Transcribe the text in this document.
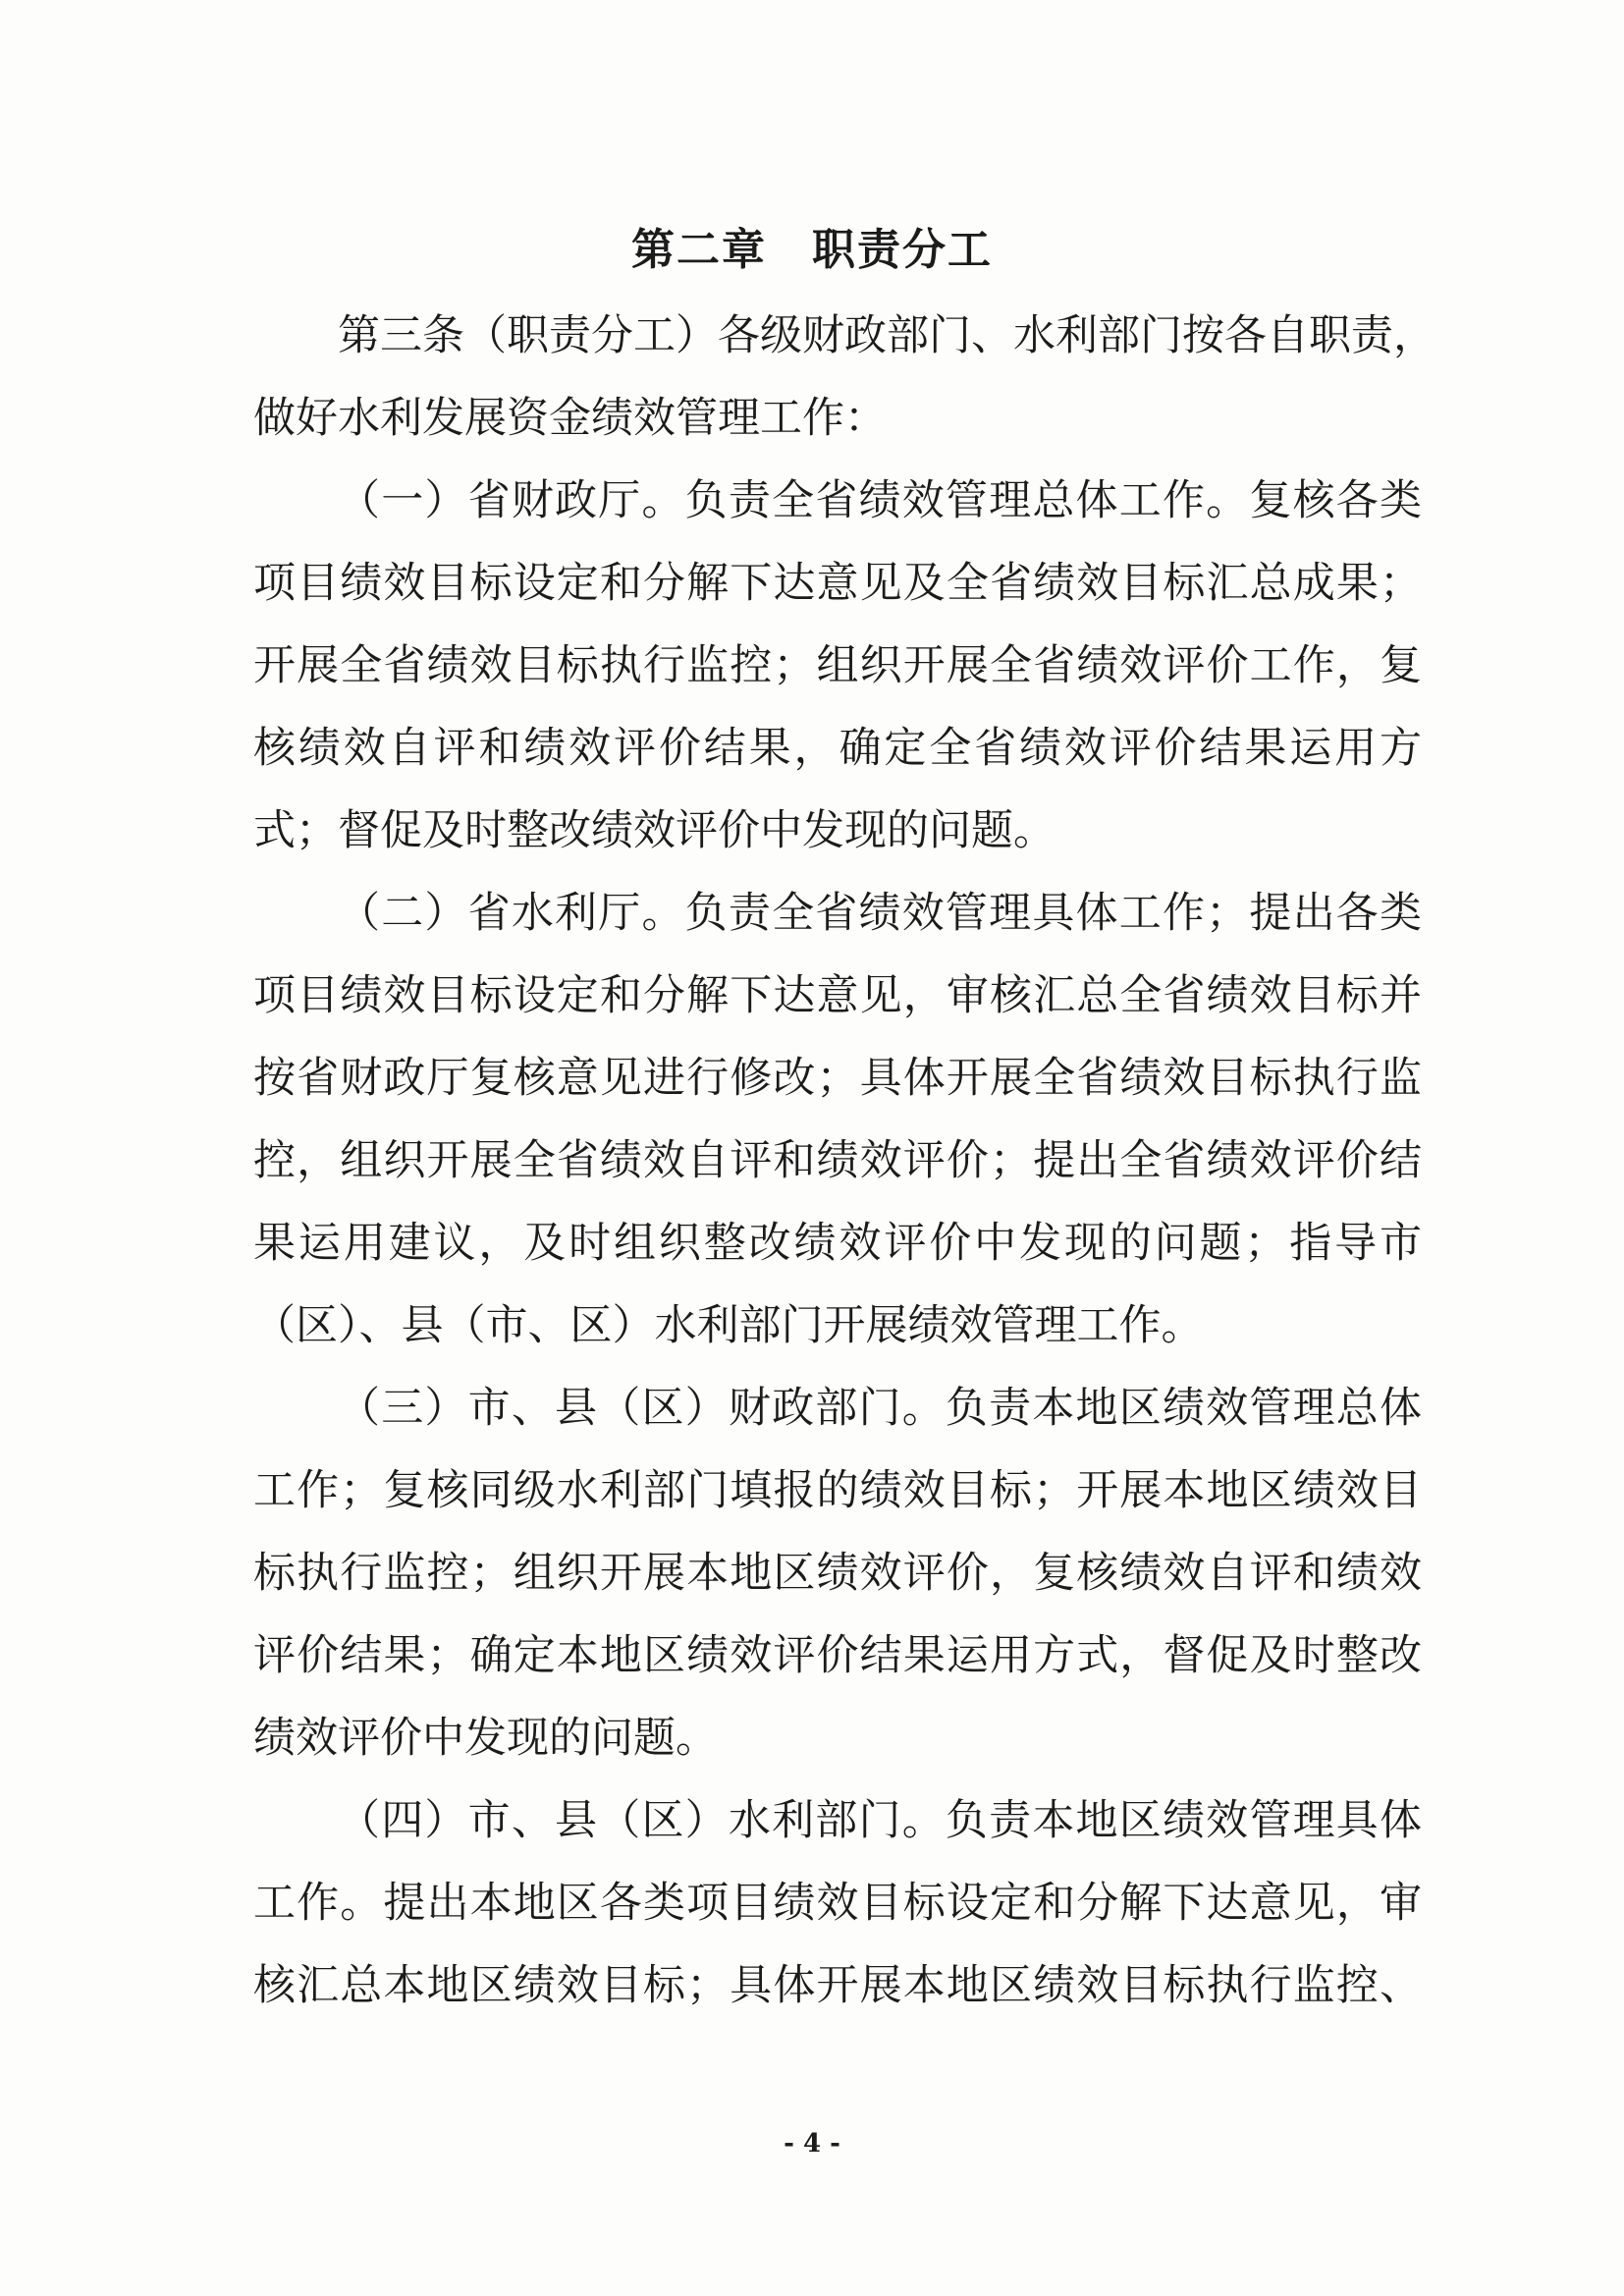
第二章　职责分工
第三条（职责分工）各级财政部门、水利部门按各自职责，
做好水利发展资金绩效管理工作：
（一）省财政厅。负责全省绩效管理总体工作。复核各类
项目绩效目标设定和分解下达意见及全省绩效目标汇总成果；
开展全省绩效目标执行监控；组织开展全省绩效评价工作，复
核绩效自评和绩效评价结果，确定全省绩效评价结果运用方
式；督促及时整改绩效评价中发现的问题。
（二）省水利厅。负责全省绩效管理具体工作；提出各类
项目绩效目标设定和分解下达意见，审核汇总全省绩效目标并
按省财政厅复核意见进行修改；具体开展全省绩效目标执行监
控，组织开展全省绩效自评和绩效评价；提出全省绩效评价结
果运用建议，及时组织整改绩效评价中发现的问题；指导市
（区）、县（市、区）水利部门开展绩效管理工作。
（三）市、县（区）财政部门。负责本地区绩效管理总体
工作；复核同级水利部门填报的绩效目标；开展本地区绩效目
标执行监控；组织开展本地区绩效评价，复核绩效自评和绩效
评价结果；确定本地区绩效评价结果运用方式，督促及时整改
绩效评价中发现的问题。
（四）市、县（区）水利部门。负责本地区绩效管理具体
工作。提出本地区各类项目绩效目标设定和分解下达意见，审
核汇总本地区绩效目标；具体开展本地区绩效目标执行监控、
- 4 -
